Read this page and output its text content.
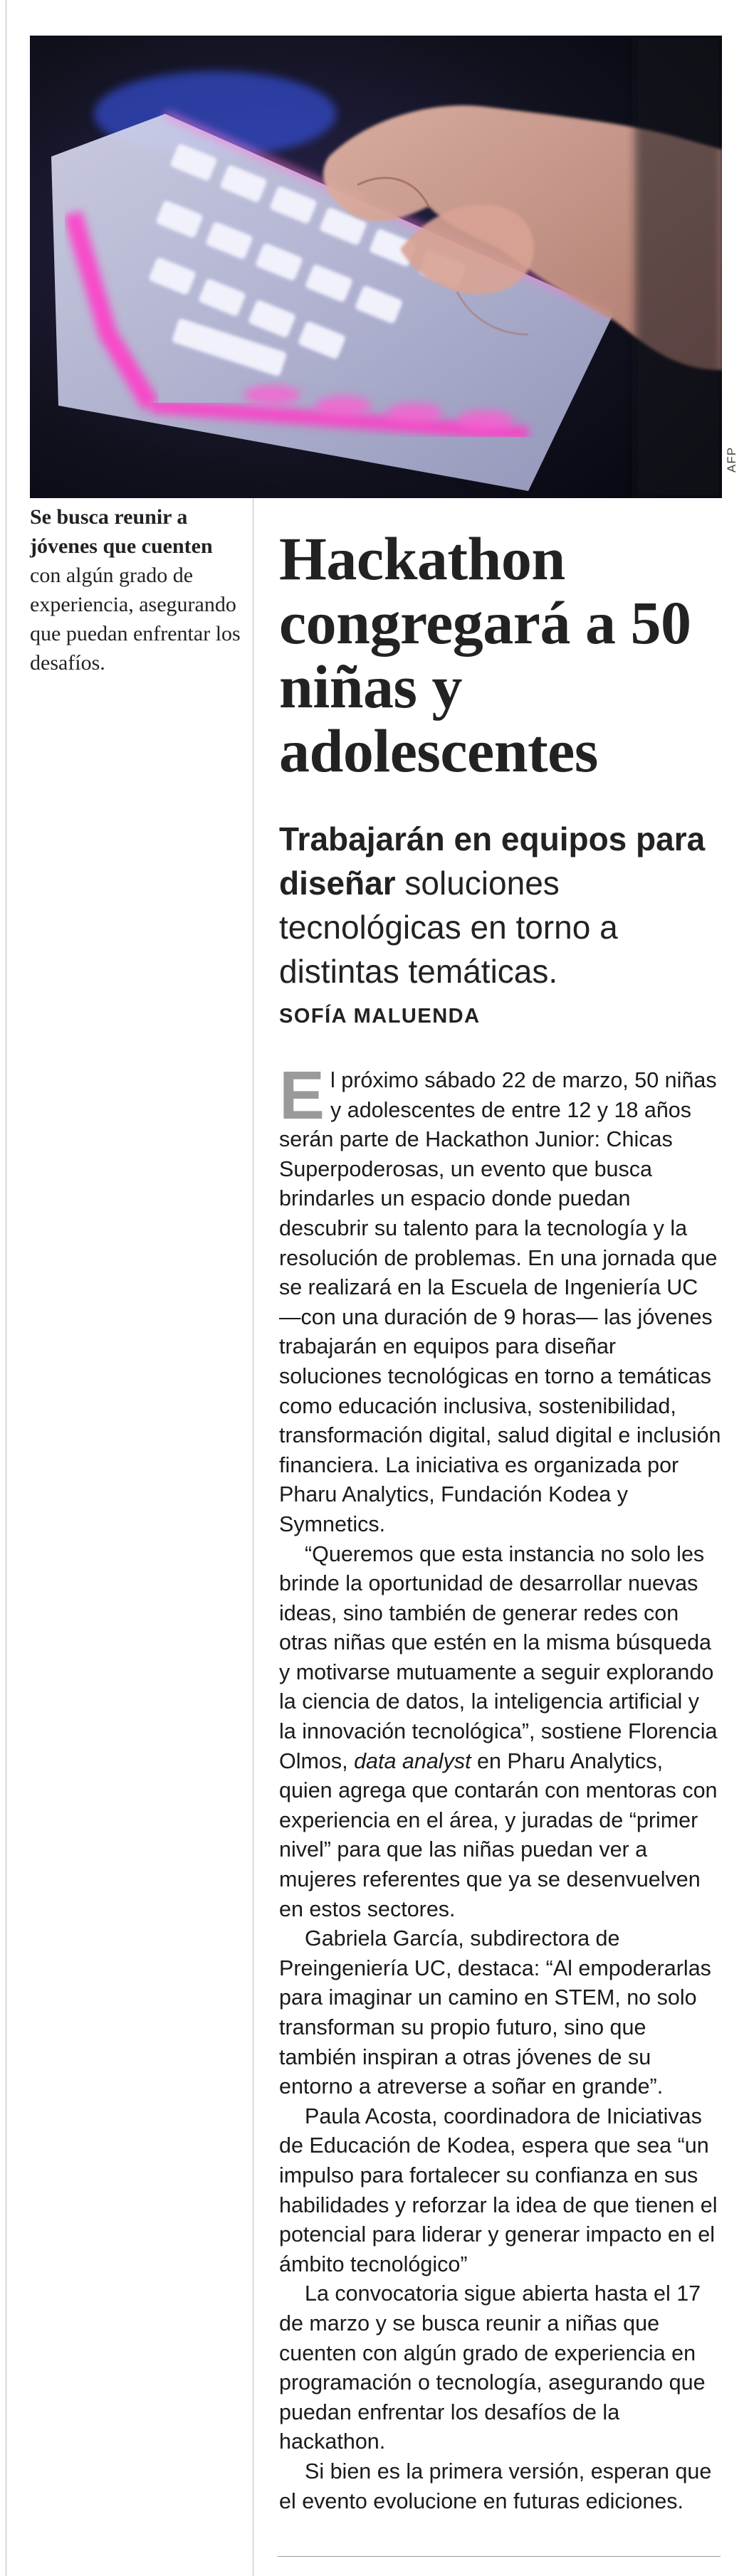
AFP
Se busca reunir a jóvenes que cuenten con algún grado de experiencia, asegurando que puedan enfrentar los desafíos.
Hackathon congregará a 50 niñas y adolescentes
Trabajarán en equipos para diseñar soluciones tecnológicas en torno a distintas temáticas.
SOFÍA MALUENDA

El próximo sábado 22 de marzo, 50 niñas y adolescentes de entre 12 y 18 años serán parte de Hackathon Junior: Chicas Superpoderosas, un evento que busca brindarles un espacio donde puedan descubrir su talento para la tecnología y la resolución de problemas. En una jornada que se realizará en la Escuela de Ingeniería UC —con una duración de 9 horas— las jóvenes trabajarán en equipos para diseñar soluciones tecnológicas en torno a temáticas como educación inclusiva, sostenibilidad, transformación digital, salud digital e inclusión financiera. La iniciativa es organizada por Pharu Analytics, Fundación Kodea y Symnetics.

“Queremos que esta instancia no solo les brinde la oportunidad de desarrollar nuevas ideas, sino también de generar redes con otras niñas que estén en la misma búsqueda y motivarse mutuamente a seguir explorando la ciencia de datos, la inteligencia artificial y la innovación tecnológica”, sostiene Florencia Olmos, data analyst en Pharu Analytics, quien agrega que contarán con mentoras con experiencia en el área, y juradas de “primer nivel” para que las niñas puedan ver a mujeres referentes que ya se desenvuelven en estos sectores.

Gabriela García, subdirectora de Preingeniería UC, destaca: “Al empoderarlas para imaginar un camino en STEM, no solo transforman su propio futuro, sino que también inspiran a otras jóvenes de su entorno a atreverse a soñar en grande”.

Paula Acosta, coordinadora de Iniciativas de Educación de Kodea, espera que sea “un impulso para fortalecer su confianza en sus habilidades y reforzar la idea de que tienen el potencial para liderar y generar impacto en el ámbito tecnológico”

La convocatoria sigue abierta hasta el 17 de marzo y se busca reunir a niñas que cuenten con algún grado de experiencia en programación o tecnología, asegurando que puedan enfrentar los desafíos de la hackathon.

Si bien es la primera versión, esperan que el evento evolucione en futuras ediciones.
